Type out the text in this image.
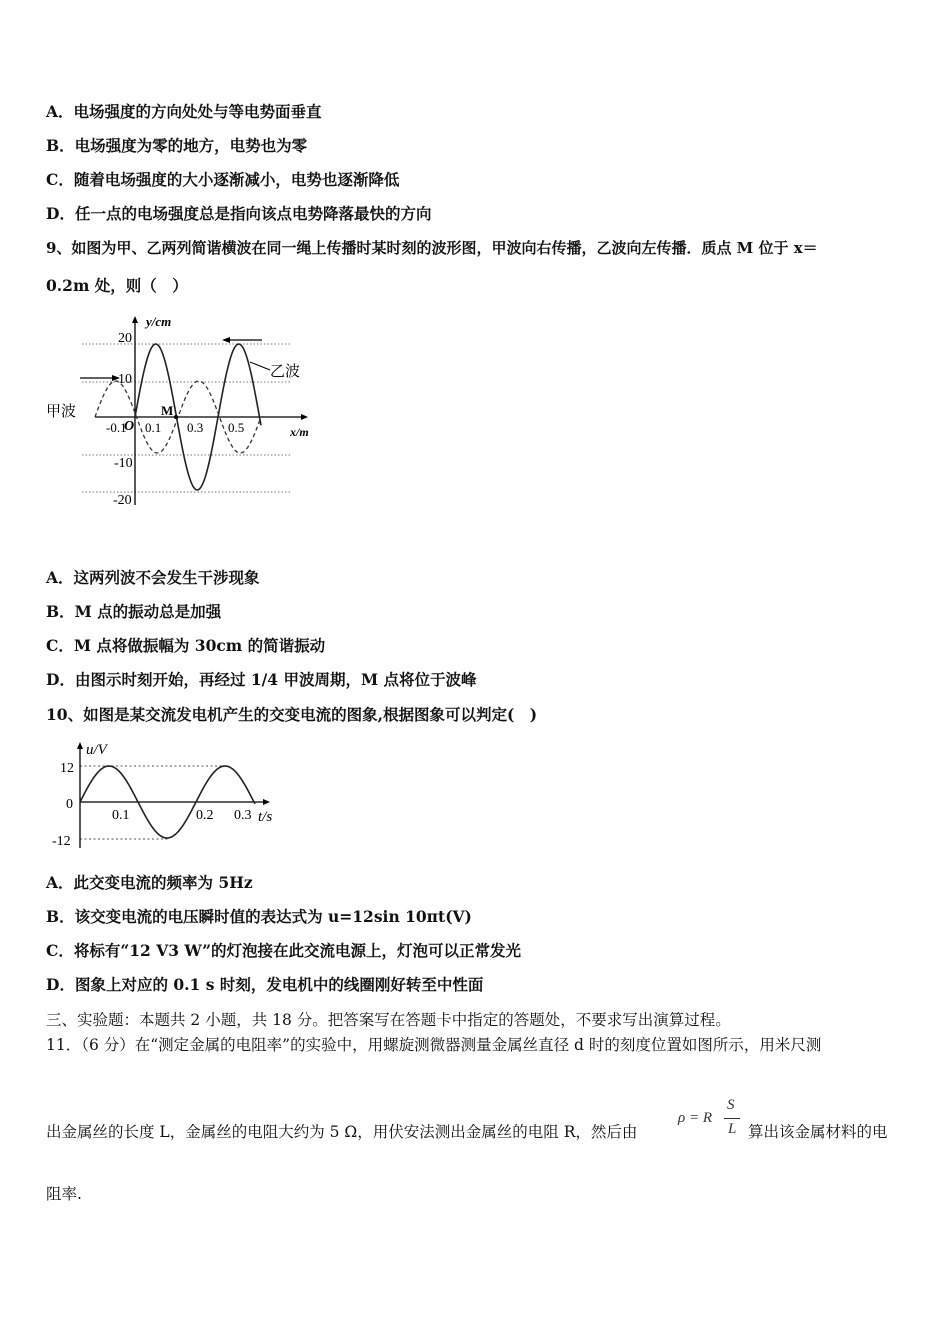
A．电场强度的方向处处与等电势面垂直
B．电场强度为零的地方，电势也为零
C．随着电场强度的大小逐渐减小，电势也逐渐降低
D．任一点的电场强度总是指向该点电势降落最快的方向
9、如图为甲、乙两列简谐横波在同一绳上传播时某时刻的波形图，甲波向右传播，乙波向左传播．质点 M 位于 x＝
0.2m 处，则（　）
y/cm
x/m
20
10
-10
-20
-0.1 0.1 0.3 0.5
O
M
甲波
乙波
A．这两列波不会发生干涉现象
B．M 点的振动总是加强
C．M 点将做振幅为 30cm 的简谐振动
D．由图示时刻开始，再经过 1/4 甲波周期，M 点将位于波峰
10、如图是某交流发电机产生的交变电流的图象,根据图象可以判定(　)
u/V
12
0
-12
0.1	0.2 0.3 t/s
A．此交变电流的频率为 5Hz
B．该交变电流的电压瞬时值的表达式为 u=12sin 10πt(V)
C．将标有“12 V3 W”的灯泡接在此交流电源上，灯泡可以正常发光
D．图象上对应的 0.1 s 时刻，发电机中的线圈刚好转至中性面
三、实验题：本题共 2 小题，共 18 分。把答案写在答题卡中指定的答题处，不要求写出演算过程。
11．（6 分）在“测定金属的电阻率”的实验中，用螺旋测微器测量金属丝直径 d 时的刻度位置如图所示，用米尺测
出金属丝的长度 L，金属丝的电阻大约为 5 Ω，用伏安法测出金属丝的电阻 R，然后由
ρ = R
S
L 算出该金属材料的电
阻率.
